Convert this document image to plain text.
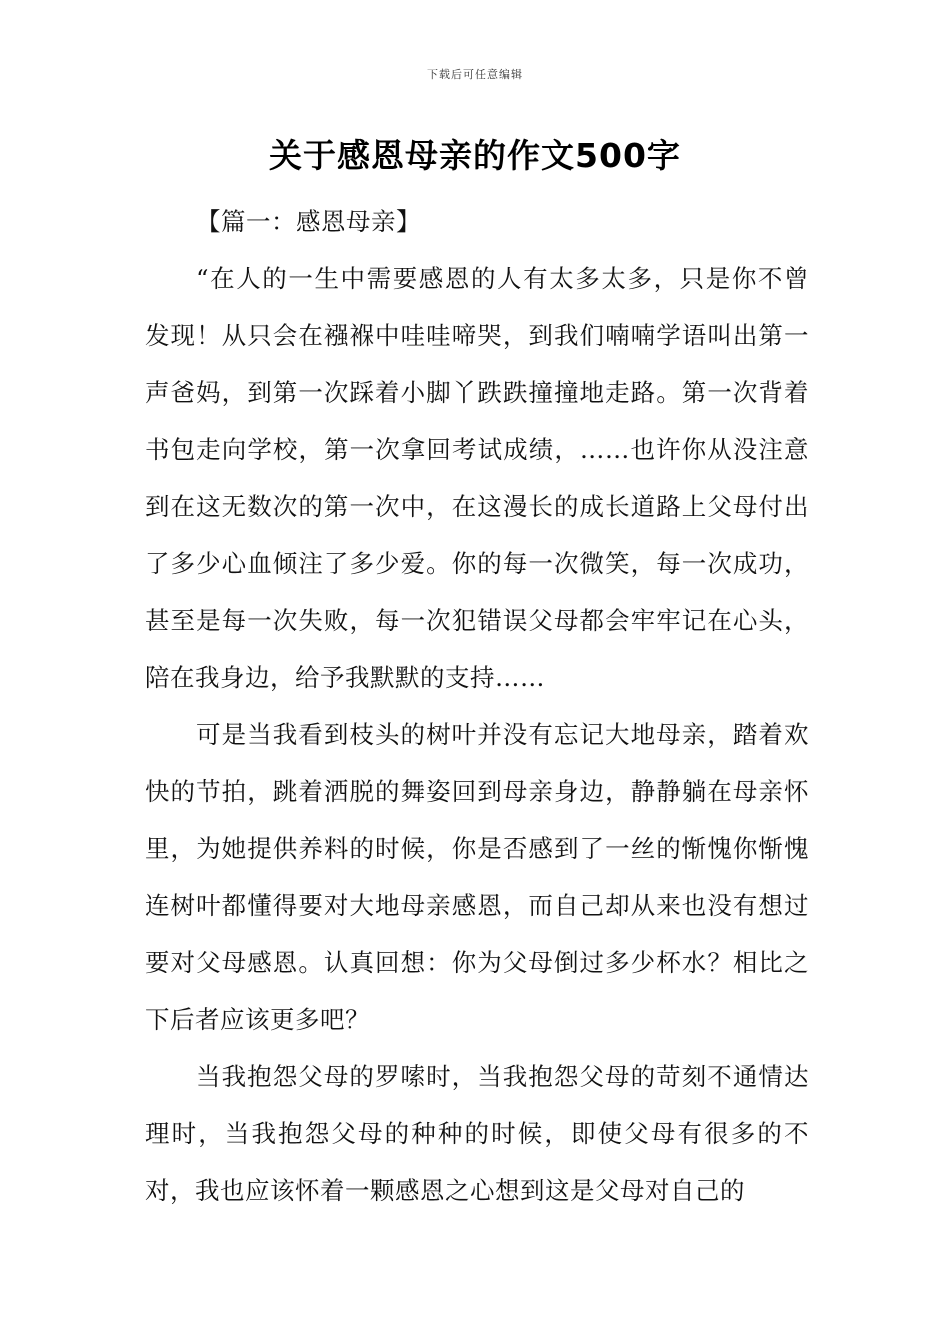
下载后可任意编辑
关于感恩母亲的作文500字

【篇一：感恩母亲】

“在人的一生中需要感恩的人有太多太多，只是你不曾发现！从只会在襁褓中哇哇啼哭，到我们喃喃学语叫出第一声爸妈，到第一次踩着小脚丫跌跌撞撞地走路。第一次背着书包走向学校，第一次拿回考试成绩，……也许你从没注意到在这无数次的第一次中，在这漫长的成长道路上父母付出了多少心血倾注了多少爱。你的每一次微笑，每一次成功，甚至是每一次失败，每一次犯错误父母都会牢牢记在心头，陪在我身边，给予我默默的支持……

可是当我看到枝头的树叶并没有忘记大地母亲，踏着欢快的节拍，跳着洒脱的舞姿回到母亲身边，静静躺在母亲怀里，为她提供养料的时候，你是否感到了一丝的惭愧你惭愧连树叶都懂得要对大地母亲感恩，而自己却从来也没有想过要对父母感恩。认真回想：你为父母倒过多少杯水？相比之下后者应该更多吧？

当我抱怨父母的罗嗦时，当我抱怨父母的苛刻不通情达理时，当我抱怨父母的种种的时候，即使父母有很多的不对，我也应该怀着一颗感恩之心想到这是父母对自己的
